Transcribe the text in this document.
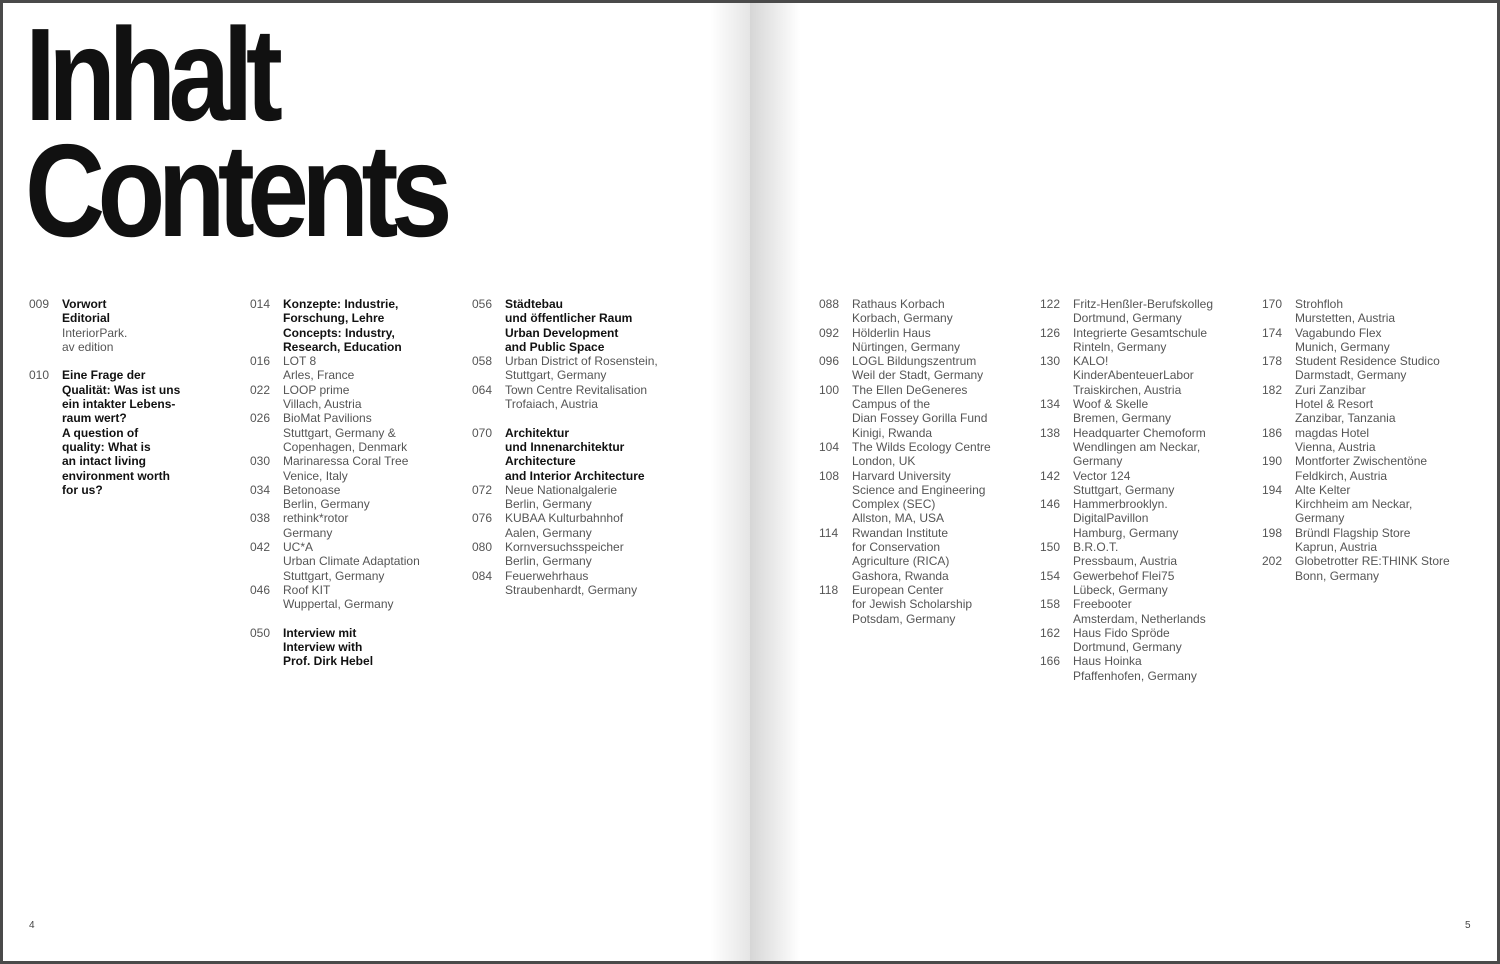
Inhalt
Contents
009	Vorwort
Editorial
InteriorPark.
av edition
010	Eine Frage der
Qualität: Was ist uns
ein intakter Lebens-
raum wert?
A question of
quality: What is
an intact living
environment worth
for us?
014	Konzepte: Industrie,
Forschung, Lehre
Concepts: Industry,
Research, Education
016	LOT 8
Arles, France
022	LOOP prime
Villach, Austria
026	BioMat Pavilions
Stuttgart, Germany &
Copenhagen, Denmark
030	Marinaressa Coral Tree
Venice, Italy
034	Betonoase
Berlin, Germany
038	rethink*rotor
Germany
042	UC*A
Urban Climate Adaptation
Stuttgart, Germany
046	Roof KIT
Wuppertal, Germany
050	Interview mit
Interview with
Prof. Dirk Hebel
056	Städtebau
und öffentlicher Raum
Urban Development
and Public Space
058	Urban District of Rosenstein,
Stuttgart, Germany
064	Town Centre Revitalisation
Trofaiach, Austria
070	Architektur
und Innenarchitektur
Architecture
and Interior Architecture
072	Neue Nationalgalerie
Berlin, Germany
076	KUBAA Kulturbahnhof
Aalen, Germany
080	Kornversuchsspeicher
Berlin, Germany
084	Feuerwehrhaus
Straubenhardt, Germany
4
088	Rathaus Korbach
Korbach, Germany
092	Hölderlin Haus
Nürtingen, Germany
096	LOGL Bildungszentrum
Weil der Stadt, Germany
100	The Ellen DeGeneres
Campus of the
Dian Fossey Gorilla Fund
Kinigi, Rwanda
104	The Wilds Ecology Centre
London, UK
108	Harvard University
Science and Engineering
Complex (SEC)
Allston, MA, USA
114	Rwandan Institute
for Conservation
Agriculture (RICA)
Gashora, Rwanda
118	European Center
for Jewish Scholarship
Potsdam, Germany
122	Fritz-Henßler-Berufskolleg
Dortmund, Germany
126	Integrierte Gesamtschule
Rinteln, Germany
130	KALO!
KinderAbenteuerLabor
Traiskirchen, Austria
134	Woof & Skelle
Bremen, Germany
138	Headquarter Chemoform
Wendlingen am Neckar,
Germany
142	Vector 124
Stuttgart, Germany
146	Hammerbrooklyn.
DigitalPavillon
Hamburg, Germany
150	B.R.O.T.
Pressbaum, Austria
154	Gewerbehof Flei75
Lübeck, Germany
158	Freebooter
Amsterdam, Netherlands
162	Haus Fido Spröde
Dortmund, Germany
166	Haus Hoinka
Pfaffenhofen, Germany
170	Strohfloh
Murstetten, Austria
174	Vagabundo Flex
Munich, Germany
178	Student Residence Studico
Darmstadt, Germany
182	Zuri Zanzibar
Hotel & Resort
Zanzibar, Tanzania
186	magdas Hotel
Vienna, Austria
190	Montforter Zwischentöne
Feldkirch, Austria
194	Alte Kelter
Kirchheim am Neckar,
Germany
198	Bründl Flagship Store
Kaprun, Austria
202	Globetrotter RE:THINK Store
Bonn, Germany
5
